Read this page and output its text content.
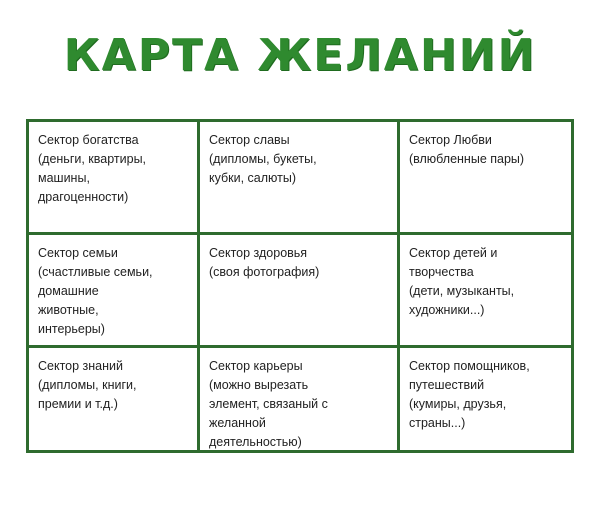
КАРТА ЖЕЛАНИЙ
Сектор богатства
(деньги, квартиры,
машины,
драгоценности)
Сектор славы
(дипломы, букеты,
кубки, салюты)
Сектор Любви
(влюбленные пары)
Сектор семьи
(счастливые семьи,
домашние
животные,
интерьеры)
Сектор здоровья
(своя фотография)
Сектор детей и
творчества
(дети, музыканты,
художники...)
Сектор знаний
(дипломы, книги,
премии и т.д.)
Сектор карьеры
(можно вырезать
элемент, связаный с
желанной
деятельностью)
Сектор помощников,
путешествий
(кумиры, друзья,
страны...)
